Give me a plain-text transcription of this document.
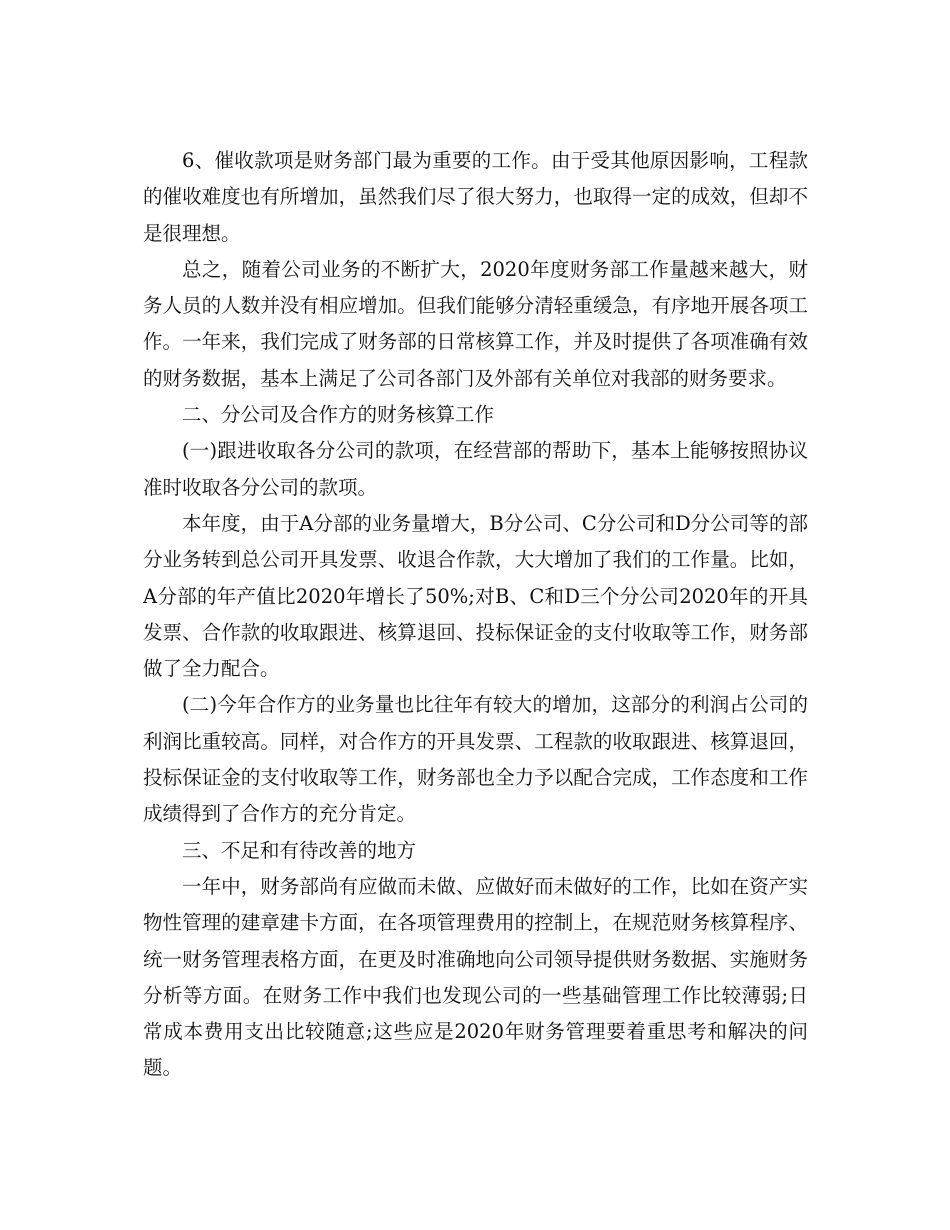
6、催收款项是财务部门最为重要的工作。由于受其他原因影响，工程款的催收难度也有所增加，虽然我们尽了很大努力，也取得一定的成效，但却不是很理想。

总之，随着公司业务的不断扩大，2020年度财务部工作量越来越大，财务人员的人数并没有相应增加。但我们能够分清轻重缓急，有序地开展各项工作。一年来，我们完成了财务部的日常核算工作，并及时提供了各项准确有效的财务数据，基本上满足了公司各部门及外部有关单位对我部的财务要求。

二、分公司及合作方的财务核算工作

(一)跟进收取各分公司的款项，在经营部的帮助下，基本上能够按照协议准时收取各分公司的款项。

本年度，由于A分部的业务量增大，B分公司、C分公司和D分公司等的部分业务转到总公司开具发票、收退合作款，大大增加了我们的工作量。比如，A分部的年产值比2020年增长了50%;对B、C和D三个分公司2020年的开具发票、合作款的收取跟进、核算退回、投标保证金的支付收取等工作，财务部做了全力配合。

(二)今年合作方的业务量也比往年有较大的增加，这部分的利润占公司的利润比重较高。同样，对合作方的开具发票、工程款的收取跟进、核算退回，投标保证金的支付收取等工作，财务部也全力予以配合完成，工作态度和工作成绩得到了合作方的充分肯定。

三、不足和有待改善的地方

一年中，财务部尚有应做而未做、应做好而未做好的工作，比如在资产实物性管理的建章建卡方面，在各项管理费用的控制上，在规范财务核算程序、统一财务管理表格方面，在更及时准确地向公司领导提供财务数据、实施财务分析等方面。在财务工作中我们也发现公司的一些基础管理工作比较薄弱;日常成本费用支出比较随意;这些应是2020年财务管理要着重思考和解决的问题。
